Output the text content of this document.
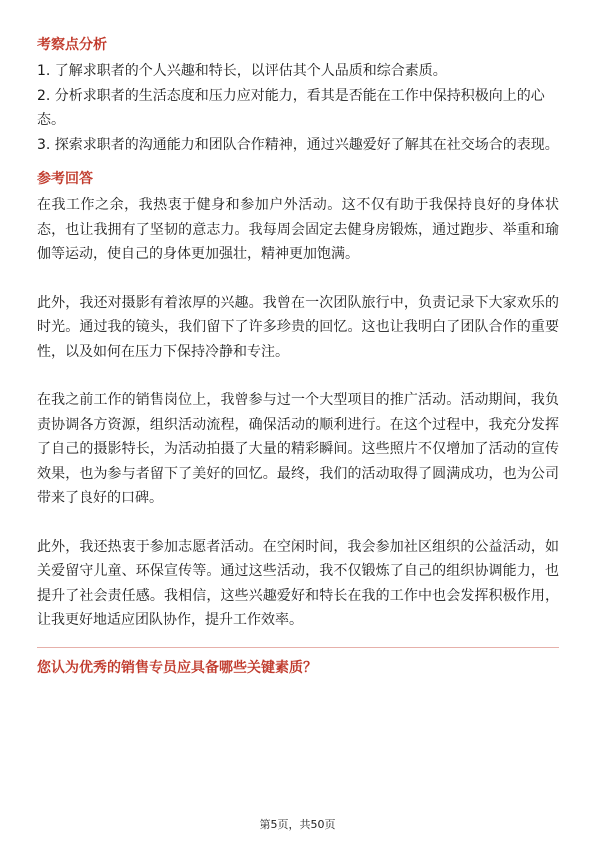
考察点分析

1. 了解求职者的个人兴趣和特长，以评估其个人品质和综合素质。

2. 分析求职者的生活态度和压力应对能力，看其是否能在工作中保持积极向上的心态。

3. 探索求职者的沟通能力和团队合作精神，通过兴趣爱好了解其在社交场合的表现。

参考回答

在我工作之余，我热衷于健身和参加户外活动。这不仅有助于我保持良好的身体状态，也让我拥有了坚韧的意志力。我每周会固定去健身房锻炼，通过跑步、举重和瑜伽等运动，使自己的身体更加强壮，精神更加饱满。

此外，我还对摄影有着浓厚的兴趣。我曾在一次团队旅行中，负责记录下大家欢乐的时光。通过我的镜头，我们留下了许多珍贵的回忆。这也让我明白了团队合作的重要性，以及如何在压力下保持冷静和专注。

在我之前工作的销售岗位上，我曾参与过一个大型项目的推广活动。活动期间，我负责协调各方资源，组织活动流程，确保活动的顺利进行。在这个过程中，我充分发挥了自己的摄影特长，为活动拍摄了大量的精彩瞬间。这些照片不仅增加了活动的宣传效果，也为参与者留下了美好的回忆。最终，我们的活动取得了圆满成功，也为公司带来了良好的口碑。

此外，我还热衷于参加志愿者活动。在空闲时间，我会参加社区组织的公益活动，如关爱留守儿童、环保宣传等。通过这些活动，我不仅锻炼了自己的组织协调能力，也提升了社会责任感。我相信，这些兴趣爱好和特长在我的工作中也会发挥积极作用，让我更好地适应团队协作，提升工作效率。

您认为优秀的销售专员应具备哪些关键素质？
第5页，共50页
